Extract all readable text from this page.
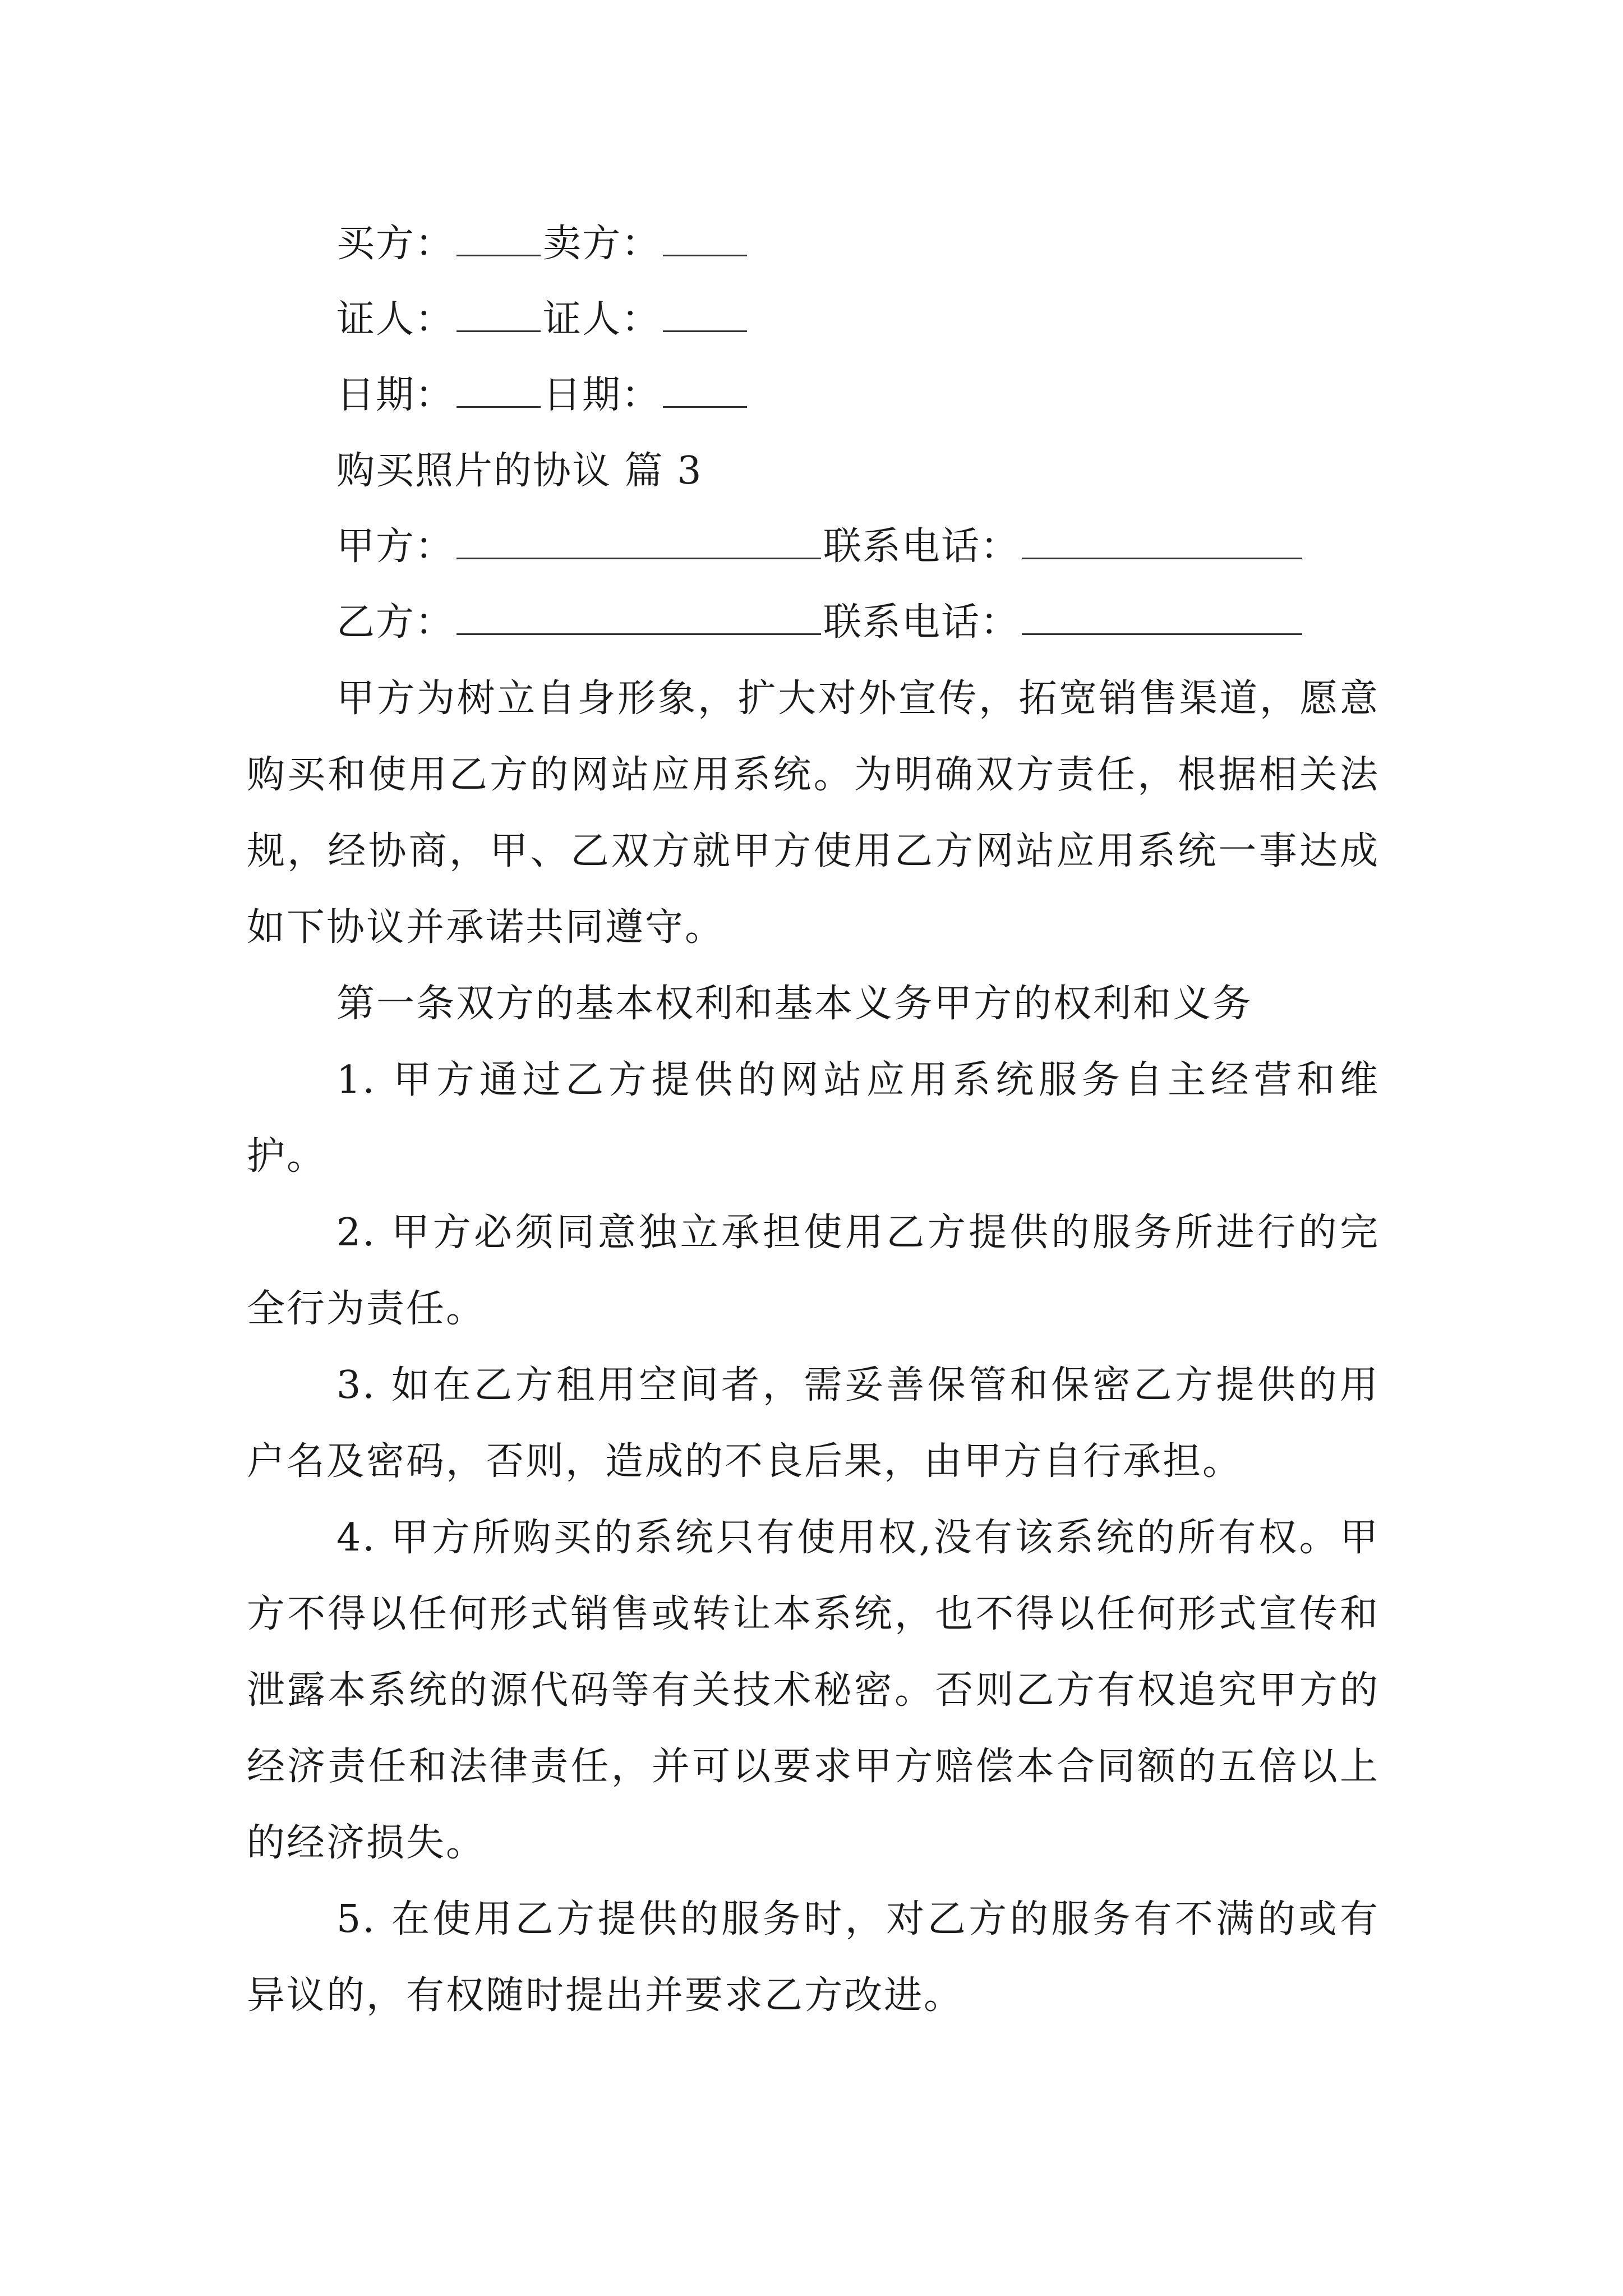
买方： 卖方：
证人： 证人：
日期： 日期：
购买照片的协议 篇 3
甲方：	联系电话：
乙方：	联系电话：

甲方为树立自身形象，扩大对外宣传，拓宽销售渠道，愿意购买和使用乙方的网站应用系统。为明确双方责任，根据相关法规，经协商，甲、乙双方就甲方使用乙方网站应用系统一事达成如下协议并承诺共同遵守。

第一条双方的基本权利和基本义务甲方的权利和义务

1. 甲方通过乙方提供的网站应用系统服务自主经营和维护。

2. 甲方必须同意独立承担使用乙方提供的服务所进行的完全行为责任。

3. 如在乙方租用空间者，需妥善保管和保密乙方提供的用户名及密码，否则，造成的不良后果，由甲方自行承担。

4. 甲方所购买的系统只有使用权,没有该系统的所有权。甲方不得以任何形式销售或转让本系统，也不得以任何形式宣传和泄露本系统的源代码等有关技术秘密。否则乙方有权追究甲方的经济责任和法律责任，并可以要求甲方赔偿本合同额的五倍以上的经济损失。

5. 在使用乙方提供的服务时，对乙方的服务有不满的或有异议的，有权随时提出并要求乙方改进。
